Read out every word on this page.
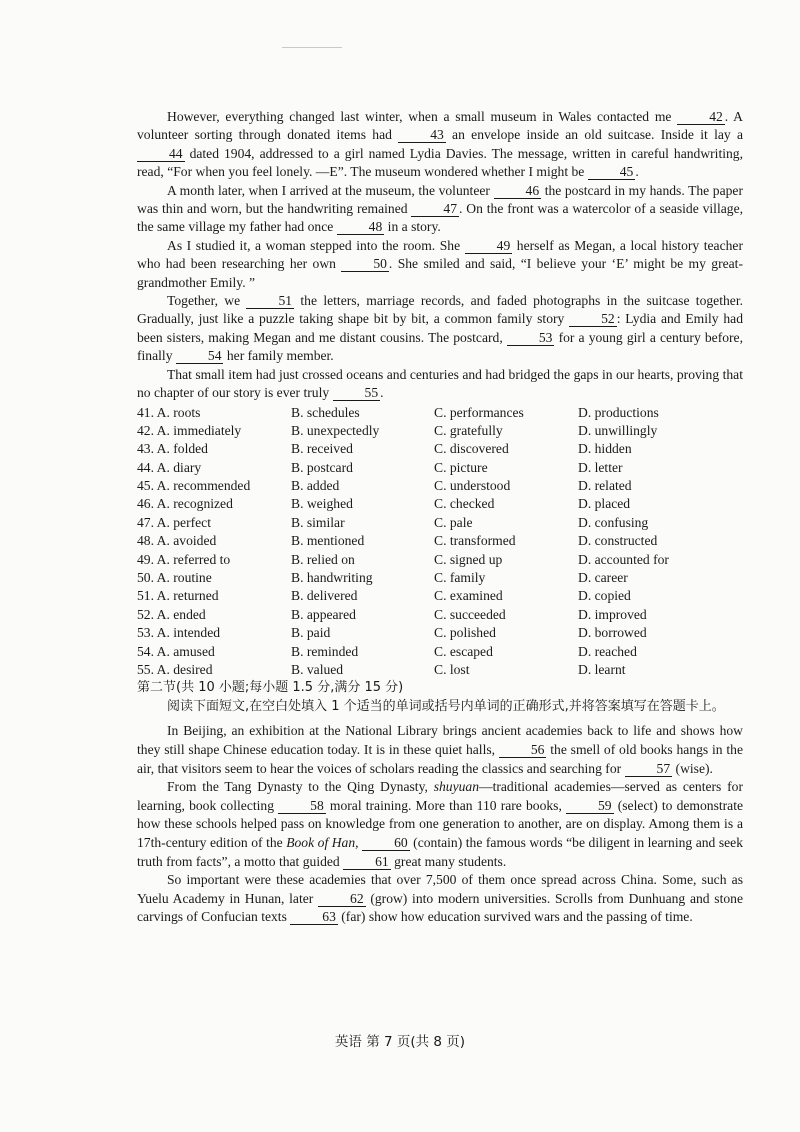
However, everything changed last winter, when a small museum in Wales contacted me 42 . A volunteer sorting through donated items had 43 an envelope inside an old suitcase. Inside it lay a 44 dated 1904, addressed to a girl named Lydia Davies. The message, written in careful handwriting, read, “For when you feel lonely. —E”. The museum wondered whether I might be 45 .

A month later, when I arrived at the museum, the volunteer 46 the postcard in my hands. The paper was thin and worn, but the handwriting remained 47 . On the front was a watercolor of a seaside village, the same village my father had once 48 in a story.

As I studied it, a woman stepped into the room. She 49 herself as Megan, a local history teacher who had been researching her own 50 . She smiled and said, “I believe your ‘E’ might be my great-grandmother Emily. ”

Together, we 51 the letters, marriage records, and faded photographs in the suitcase together. Gradually, just like a puzzle taking shape bit by bit, a common family story 52 : Lydia and Emily had been sisters, making Megan and me distant cousins. The postcard, 53 for a young girl a century before, finally 54 her family member.

That small item had just crossed oceans and centuries and had bridged the gaps in our hearts, proving that no chapter of our story is ever truly 55 .

41. A. roots	B. schedules	C. performances	D. productions
42. A. immediately	B. unexpectedly	C. gratefully	D. unwillingly
43. A. folded	B. received	C. discovered	D. hidden
44. A. diary	B. postcard	C. picture	D. letter
45. A. recommended	B. added	C. understood	D. related
46. A. recognized	B. weighed	C. checked	D. placed
47. A. perfect	B. similar	C. pale	D. confusing
48. A. avoided	B. mentioned	C. transformed	D. constructed
49. A. referred to	B. relied on	C. signed up	D. accounted for
50. A. routine	B. handwriting	C. family	D. career
51. A. returned	B. delivered	C. examined	D. copied
52. A. ended	B. appeared	C. succeeded	D. improved
53. A. intended	B. paid	C. polished	D. borrowed
54. A. amused	B. reminded	C. escaped	D. reached
55. A. desired	B. valued	C. lost	D. learnt

第二节(共 10 小题;每小题 1.5 分,满分 15 分)

阅读下面短文,在空白处填入 1 个适当的单词或括号内单词的正确形式,并将答案填写在答题卡上。

In Beijing, an exhibition at the National Library brings ancient academies back to life and shows how they still shape Chinese education today. It is in these quiet halls, 56 the smell of old books hangs in the air, that visitors seem to hear the voices of scholars reading the classics and searching for 57 (wise).

From the Tang Dynasty to the Qing Dynasty, shuyuan—traditional academies—served as centers for learning, book collecting 58 moral training. More than 110 rare books, 59 (select) to demonstrate how these schools helped pass on knowledge from one generation to another, are on display. Among them is a 17th-century edition of the Book of Han, 60 (contain) the famous words “be diligent in learning and seek truth from facts”, a motto that guided 61 great many students.

So important were these academies that over 7,500 of them once spread across China. Some, such as Yuelu Academy in Hunan, later 62 (grow) into modern universities. Scrolls from Dunhuang and stone carvings of Confucian texts 63 (far) show how education survived wars and the passing of time.

英语 第 7 页(共 8 页)
